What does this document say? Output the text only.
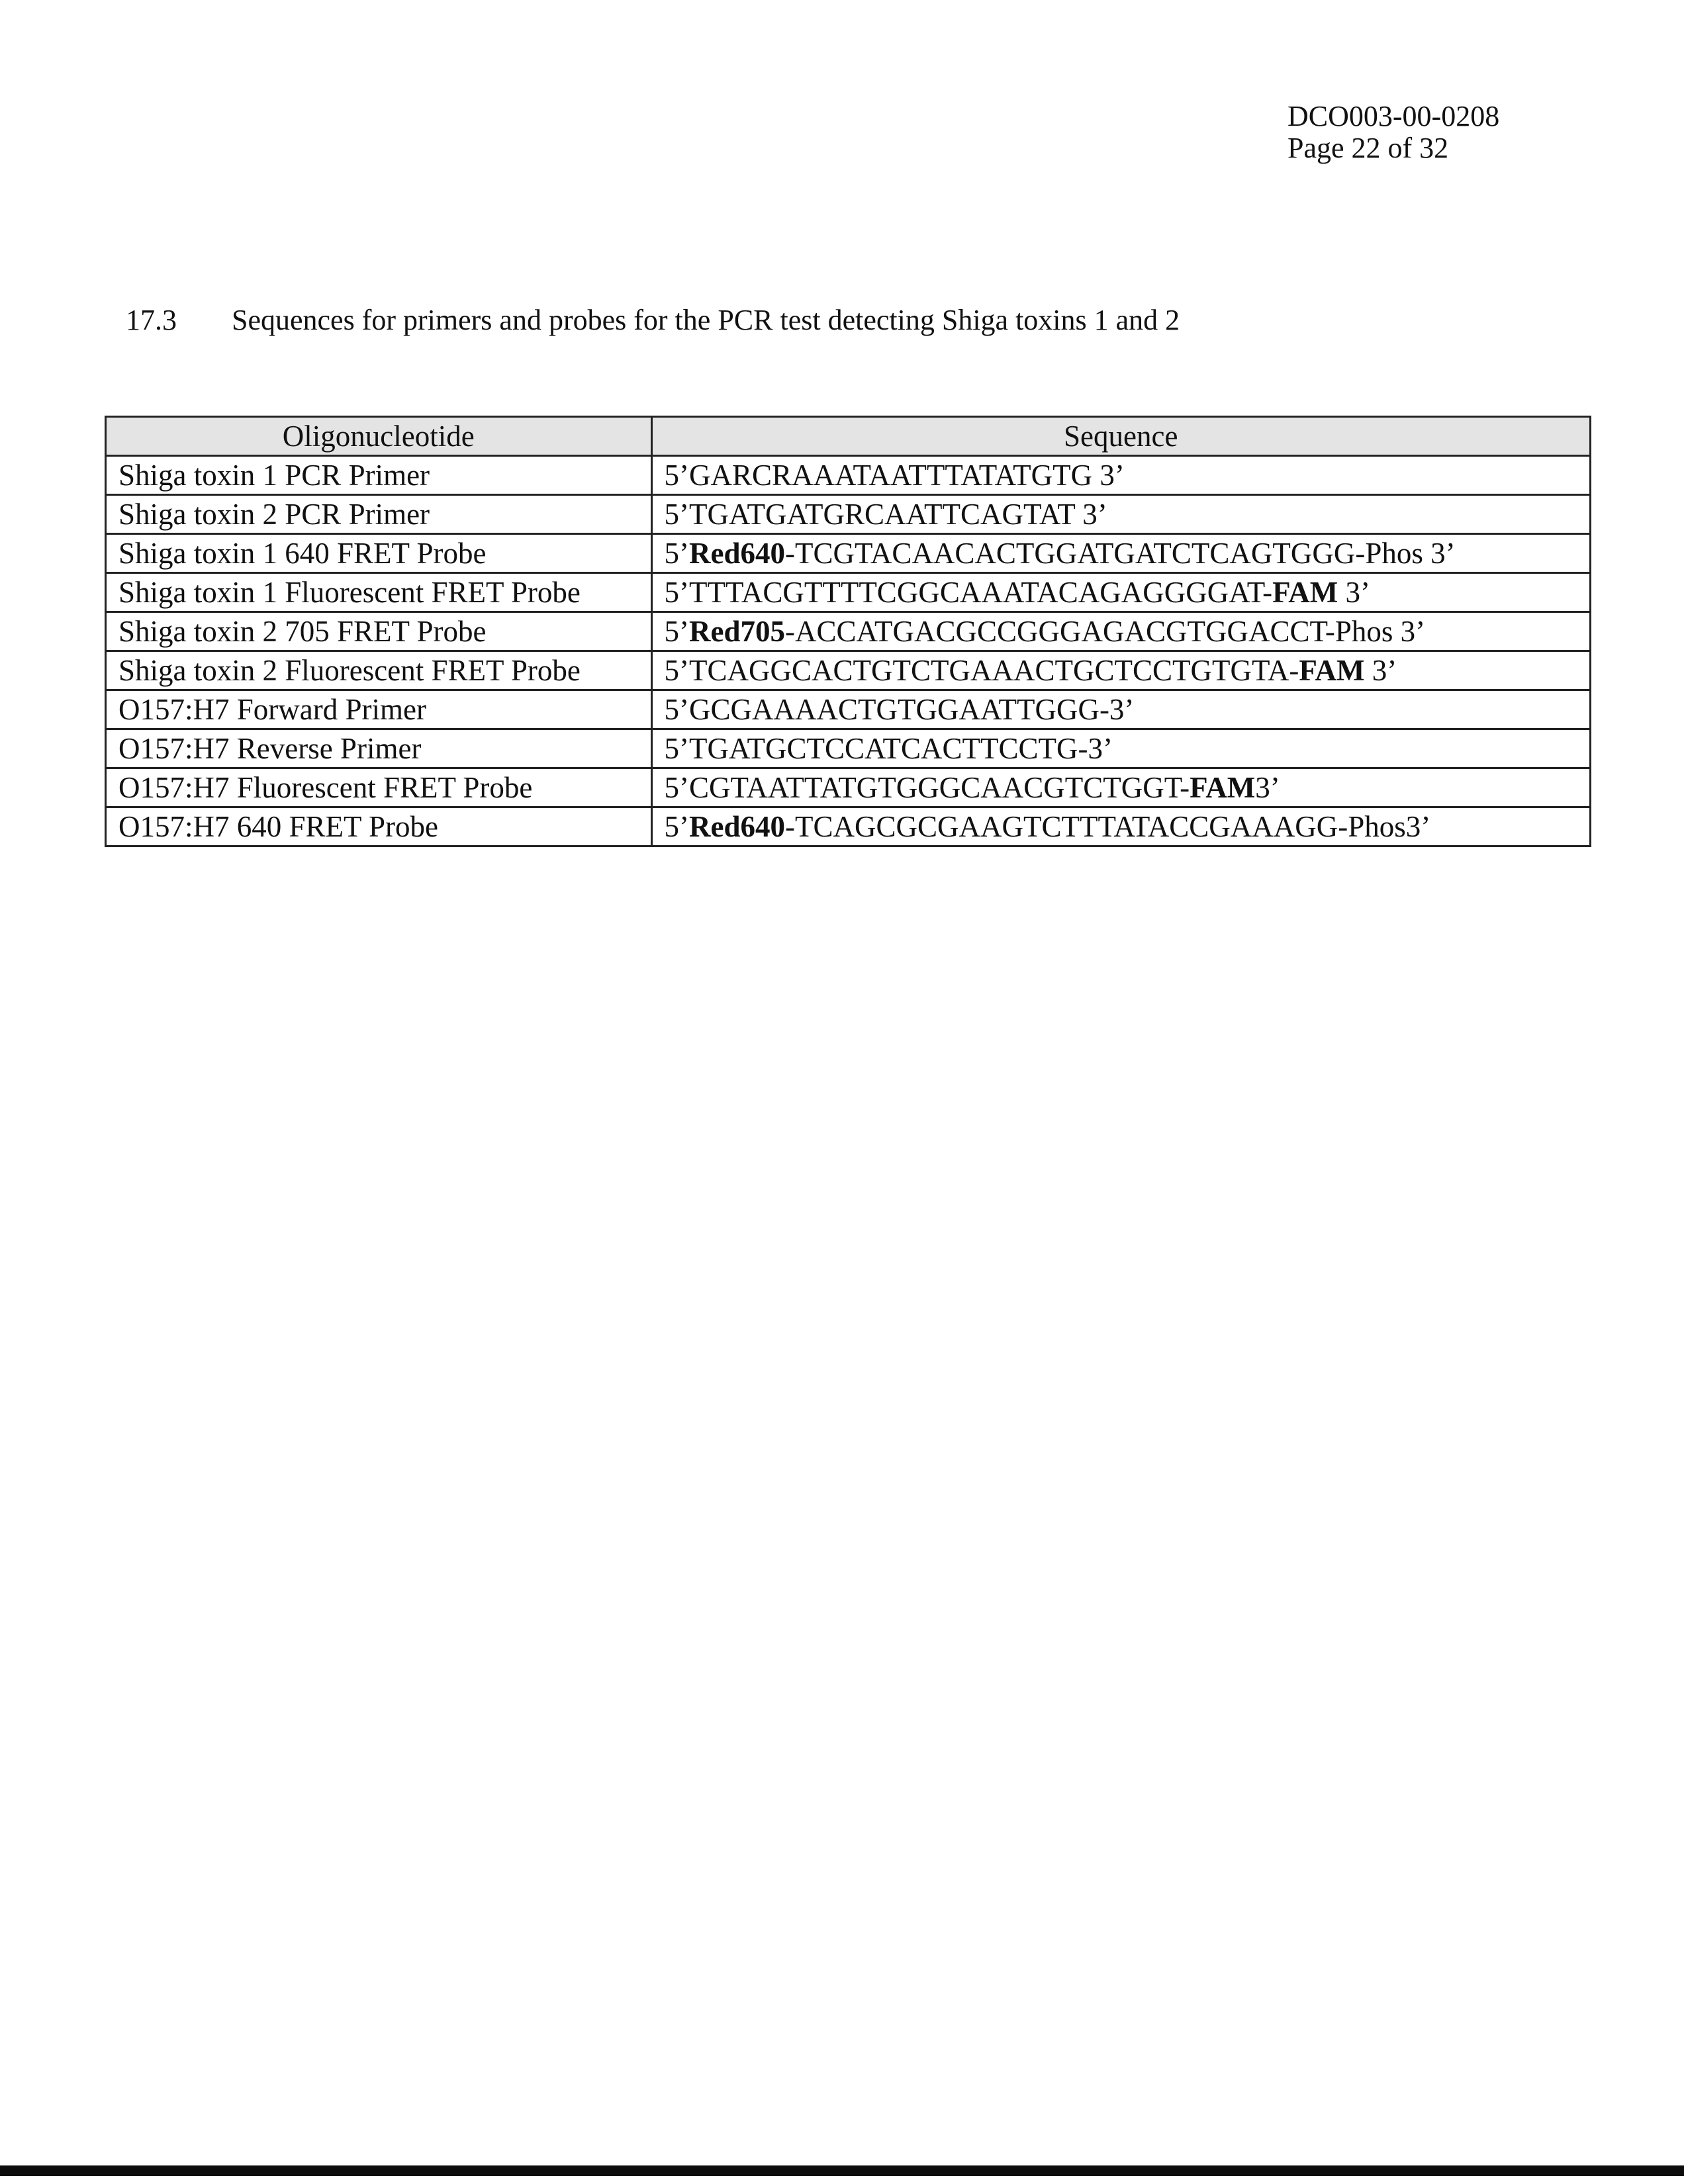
DCO003-00-0208
Page 22 of 32
17.3 Sequences for primers and probes for the PCR test detecting Shiga toxins 1 and 2
Oligonucleotide	Sequence
Shiga toxin 1 PCR Primer	5’GARCRAAATAATTTATATGTG 3’
Shiga toxin 2 PCR Primer	5’TGATGATGRCAATTCAGTAT 3’
Shiga toxin 1 640 FRET Probe	5’Red640-TCGTACAACACTGGATGATCTCAGTGGG-Phos 3’
Shiga toxin 1 Fluorescent FRET Probe	5’TTTACGTTTTCGGCAAATACAGAGGGGAT-FAM 3’
Shiga toxin 2 705 FRET Probe	5’Red705-ACCATGACGCCGGGAGACGTGGACCT-Phos 3’
Shiga toxin 2 Fluorescent FRET Probe	5’TCAGGCACTGTCTGAAACTGCTCCTGTGTA-FAM 3’
O157:H7 Forward Primer	5’GCGAAAACTGTGGAATTGGG-3’
O157:H7 Reverse Primer	5’TGATGCTCCATCACTTCCTG-3’
O157:H7 Fluorescent FRET Probe	5’CGTAATTATGTGGGCAACGTCTGGT-FAM3’
O157:H7 640 FRET Probe	5’Red640-TCAGCGCGAAGTCTTTATACCGAAAGG-Phos3’
